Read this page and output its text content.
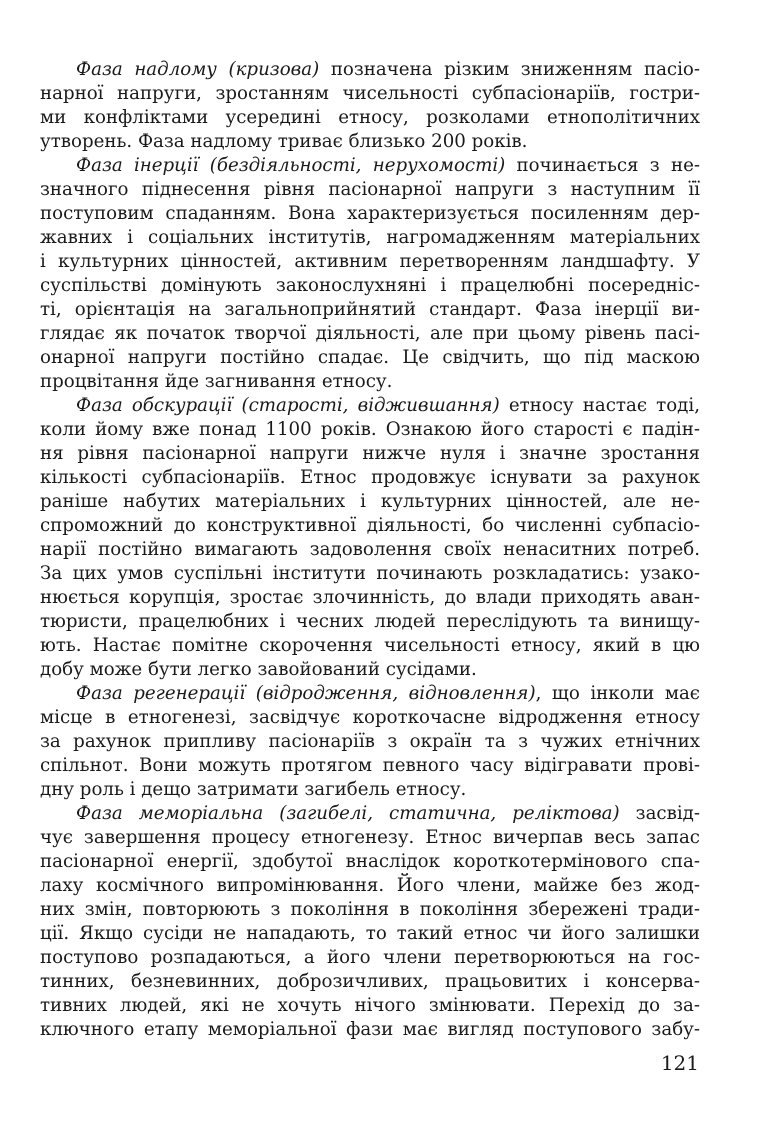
Фаза надлому (кризова) позначена різким зниженням пасіо-
нарної напруги, зростанням чисельності субпасіонаріїв, гостри-
ми конфліктами усередині етносу, розколами етнополітичних
утворень. Фаза надлому триває близько 200 років.
Фаза інерції (бездіяльності, нерухомості) починається з не-
значного піднесення рівня пасіонарної напруги з наступним її
поступовим спаданням. Вона характеризується посиленням дер-
жавних і соціальних інститутів, нагромадженням матеріальних
і культурних цінностей, активним перетворенням ландшафту. У
суспільстві домінують законослухняні і працелюбні посередніс-
ті, орієнтація на загальноприйнятий стандарт. Фаза інерції ви-
глядає як початок творчої діяльності, але при цьому рівень пасі-
онарної напруги постійно спадає. Це свідчить, що під маскою
процвітання йде загнивання етносу.
Фаза обскурації (старості, віджившання) етносу настає тоді,
коли йому вже понад 1100 років. Ознакою його старості є падін-
ня рівня пасіонарної напруги нижче нуля і значне зростання
кількості субпасіонаріїв. Етнос продовжує існувати за рахунок
раніше набутих матеріальних і культурних цінностей, але не-
спроможний до конструктивної діяльності, бо численні субпасіо-
нарії постійно вимагають задоволення своїх ненаситних потреб.
За цих умов суспільні інститути починають розкладатись: узако-
нюється корупція, зростає злочинність, до влади приходять аван-
тюристи, працелюбних і чесних людей переслідують та винищу-
ють. Настає помітне скорочення чисельності етносу, який в цю
добу може бути легко завойований сусідами.
Фаза регенерації (відродження, відновлення), що інколи має
місце в етногенезі, засвідчує короткочасне відродження етносу
за рахунок припливу пасіонаріїв з окраїн та з чужих етнічних
спільнот. Вони можуть протягом певного часу відігравати прові-
дну роль і дещо затримати загибель етносу.
Фаза меморіальна (загибелі, статична, реліктова) засвід-
чує завершення процесу етногенезу. Етнос вичерпав весь запас
пасіонарної енергії, здобутої внаслідок короткотермінового спа-
лаху космічного випромінювання. Його члени, майже без жод-
них змін, повторюють з покоління в покоління збережені тради-
ції. Якщо сусіди не нападають, то такий етнос чи його залишки
поступово розпадаються, а його члени перетворюються на гос-
тинних, безневинних, доброзичливих, працьовитих і консерва-
тивних людей, які не хочуть нічого змінювати. Перехід до за-
ключного етапу меморіальної фази має вигляд поступового забу-
121
